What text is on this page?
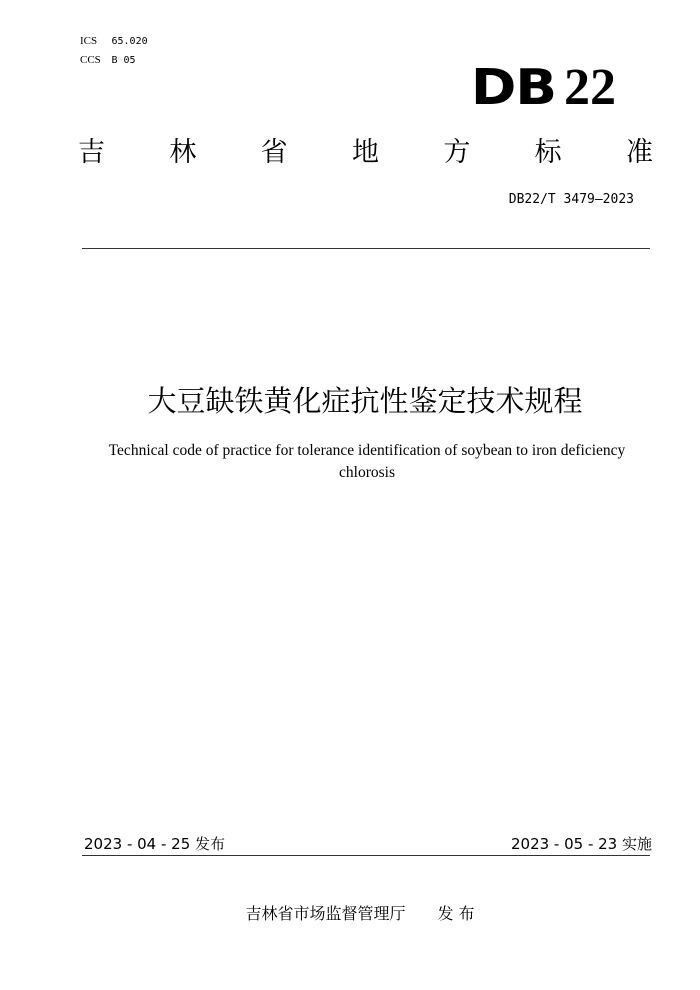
ICS 65.020
CCS B 05	DB 22
吉 林 省 地 方 标 准
DB22/T 3479—2023
大豆缺铁黄化症抗性鉴定技术规程
Technical code of practice for tolerance identification of soybean to iron deficiency chlorosis
2023 - 04 - 25 发布	2023 - 05 - 23 实施
吉林省市场监督管理厅　　发 布
